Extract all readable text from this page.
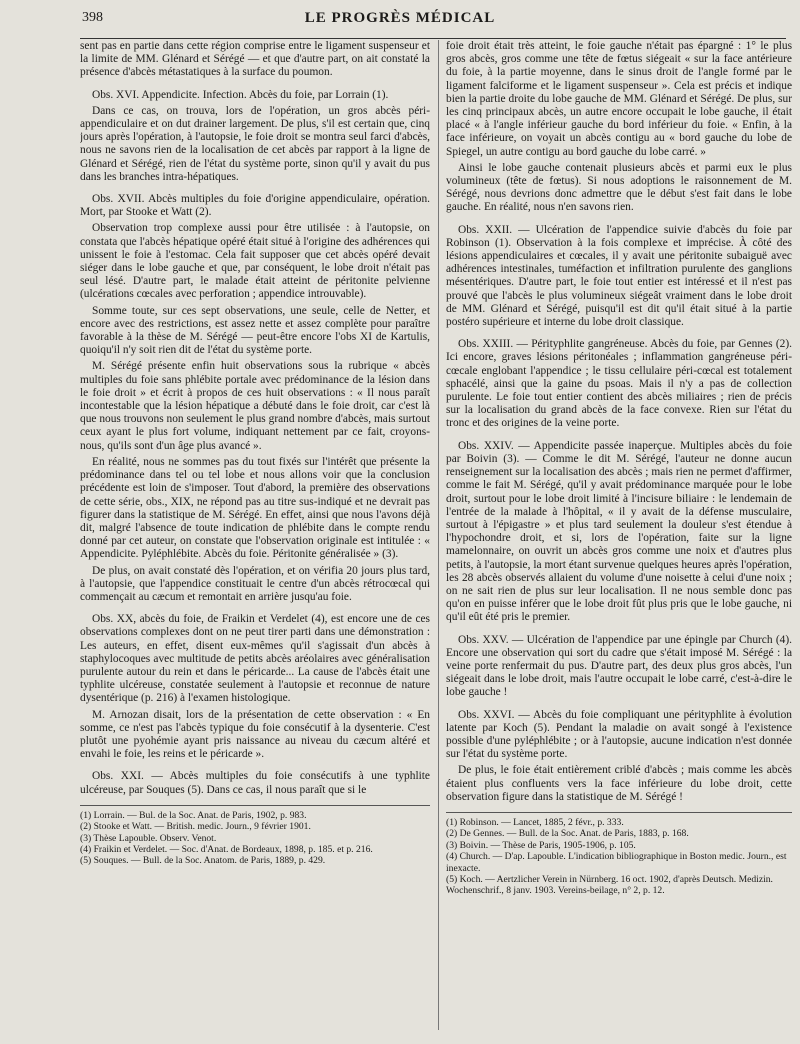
398	LE PROGRÈS MÉDICAL

sent pas en partie dans cette région comprise entre le ligament suspenseur et la limite de MM. Glénard et Sérégé — et que d'autre part, on ait constaté la présence d'abcès métastatiques à la surface du poumon.

Obs. XVI. Appendicite. Infection. Abcès du foie, par Lorrain (1).

Dans ce cas, on trouva, lors de l'opération, un gros abcès péri-appendiculaire et on dut drainer largement. De plus, s'il est certain que, cinq jours après l'opération, à l'autopsie, le foie droit se montra seul farci d'abcès, nous ne savons rien de la localisation de cet abcès par rapport à la ligne de Glénard et Sérégé, rien de l'état du système porte, sinon qu'il y avait du pus dans les branches intra-hépatiques.

Obs. XVII. Abcès multiples du foie d'origine appendiculaire, opération. Mort, par Stooke et Watt (2).

Observation trop complexe aussi pour être utilisée : à l'autopsie, on constata que l'abcès hépatique opéré était situé à l'origine des adhérences qui unissent le foie à l'estomac. Cela fait supposer que cet abcès opéré devait siéger dans le lobe gauche et que, par conséquent, le lobe droit n'était pas seul lésé. D'autre part, le malade était atteint de péritonite pelvienne (ulcérations cœcales avec perforation ; appendice introuvable).

Somme toute, sur ces sept observations, une seule, celle de Netter, et encore avec des restrictions, est assez nette et assez complète pour paraître favorable à la thèse de M. Sérégé — peut-être encore l'obs XI de Kartulis, quoiqu'il n'y soit rien dit de l'état du système porte.

M. Sérégé présente enfin huit observations sous la rubrique « abcès multiples du foie sans phlébite portale avec prédominance de la lésion dans le foie droit » et écrit à propos de ces huit observations : « Il nous paraît incontestable que la lésion hépatique a débuté dans le foie droit, car c'est là que nous trouvons non seulement le plus grand nombre d'abcès, mais surtout ceux ayant le plus fort volume, indiquant nettement par ce fait, croyons-nous, qu'ils sont d'un âge plus avancé ».

En réalité, nous ne sommes pas du tout fixés sur l'intérêt que présente la prédominance dans tel ou tel lobe et nous allons voir que la conclusion précédente est loin de s'imposer. Tout d'abord, la première des observations de cette série, obs., XIX, ne répond pas au titre sus-indiqué et ne devrait pas figurer dans la statistique de M. Sérégé. En effet, ainsi que nous l'avons déjà dit, malgré l'absence de toute indication de phlébite dans le compte rendu donné par cet auteur, on constate que l'observation originale est intitulée : « Appendicite. Pyléphlébite. Abcès du foie. Péritonite généralisée » (3).

De plus, on avait constaté dès l'opération, et on vérifia 20 jours plus tard, à l'autopsie, que l'appendice constituait le centre d'un abcès rétrocœcal qui commençait au cæcum et remontait en arrière jusqu'au foie.

Obs. XX, abcès du foie, de Fraikin et Verdelet (4), est encore une de ces observations complexes dont on ne peut tirer parti dans une démonstration : Les auteurs, en effet, disent eux-mêmes qu'il s'agissait d'un abcès à staphylocoques avec multitude de petits abcès aréolaires avec généralisation purulente autour du rein et dans le péricarde... La cause de l'abcès était une typhlite ulcéreuse, constatée seulement à l'autopsie et reconnue de nature dysentérique (p. 216) à l'examen histologique.

M. Arnozan disait, lors de la présentation de cette observation : « En somme, ce n'est pas l'abcès typique du foie consécutif à la dysenterie. C'est plutôt une pyohémie ayant pris naissance au niveau du cæcum altéré et envahi le foie, les reins et le péricarde ».

Obs. XXI. — Abcès multiples du foie consécutifs à une typhlite ulcéreuse, par Souques (5). Dans ce cas, il nous paraît que si le

(1) Lorrain. — Bul. de la Soc. Anat. de Paris, 1902, p. 983.
(2) Stooke et Watt. — British. medic. Journ., 9 février 1901.
(3) Thèse Lapouble. Observ. Venot.
(4) Fraikin et Verdelet. — Soc. d'Anat. de Bordeaux, 1898, p. 185. et p. 216.
(5) Souques. — Bull. de la Soc. Anatom. de Paris, 1889, p. 429.

foie droit était très atteint, le foie gauche n'était pas épargné : 1° le plus gros abcès, gros comme une tête de fœtus siégeait « sur la face antérieure du foie, à la partie moyenne, dans le sinus droit de l'angle formé par le ligament falciforme et le ligament suspenseur ». Cela est précis et indique bien la partie droite du lobe gauche de MM. Glénard et Sérégé. De plus, sur les cinq principaux abcès, un autre encore occupait le lobe gauche, il était placé « à l'angle inférieur gauche du bord inférieur du foie. « Enfin, à la face inférieure, on voyait un abcès contigu au « bord gauche du lobe de Spiegel, un autre contigu au bord gauche du lobe carré. »

Ainsi le lobe gauche contenait plusieurs abcès et parmi eux le plus volumineux (tête de fœtus). Si nous adoptions le raisonnement de M. Sérégé, nous devrions donc admettre que le début s'est fait dans le lobe gauche. En réalité, nous n'en savons rien.

Obs. XXII. — Ulcération de l'appendice suivie d'abcès du foie par Robinson (1). Observation à la fois complexe et imprécise. À côté des lésions appendiculaires et cœcales, il y avait une péritonite subaiguë avec adhérences intestinales, tuméfaction et infiltration purulente des ganglions mésentériques. D'autre part, le foie tout entier est intéressé et il n'est pas prouvé que l'abcès le plus volumineux siégeât vraiment dans le lobe droit de MM. Glénard et Sérégé, puisqu'il est dit qu'il était situé à la partie postéro supérieure et interne du lobe droit classique.

Obs. XXIII. — Pérityphlite gangréneuse. Abcès du foie, par Gennes (2). Ici encore, graves lésions péritonéales ; inflammation gangréneuse péri-cœcale englobant l'appendice ; le tissu cellulaire péri-cœcal est totalement sphacélé, ainsi que la gaine du psoas. Mais il n'y a pas de collection purulente. Le foie tout entier contient des abcès miliaires ; rien de précis sur la localisation du grand abcès de la face convexe. Rien sur l'état du tronc et des origines de la veine porte.

Obs. XXIV. — Appendicite passée inaperçue. Multiples abcès du foie par Boivin (3). — Comme le dit M. Sérégé, l'auteur ne donne aucun renseignement sur la localisation des abcès ; mais rien ne permet d'affirmer, comme le fait M. Sérégé, qu'il y avait prédominance marquée pour le lobe droit, surtout pour le lobe droit limité à l'incisure biliaire : le lendemain de l'entrée de la malade à l'hôpital, « il y avait de la défense musculaire, surtout à l'épigastre » et plus tard seulement la douleur s'est étendue à l'hypochondre droit, et si, lors de l'opération, faite sur la ligne mamelonnaire, on ouvrit un abcès gros comme une noix et d'autres plus petits, à l'autopsie, la mort étant survenue quelques heures après l'opération, les 28 abcès observés allaient du volume d'une noisette à celui d'une noix ; on ne sait rien de plus sur leur localisation. Il ne nous semble donc pas qu'on en puisse inférer que le lobe droit fût plus pris que le lobe gauche, ni qu'il eût été pris le premier.

Obs. XXV. — Ulcération de l'appendice par une épingle par Church (4). Encore une observation qui sort du cadre que s'était imposé M. Sérégé : la veine porte renfermait du pus. D'autre part, des deux plus gros abcès, l'un siégeait dans le lobe droit, mais l'autre occupait le lobe carré, c'est-à-dire le lobe gauche !

Obs. XXVI. — Abcès du foie compliquant une pérityphlite à évolution latente par Koch (5). Pendant la maladie on avait songé à l'existence possible d'une pyléphlébite ; or à l'autopsie, aucune indication n'est donnée sur l'état du système porte.

De plus, le foie était entièrement criblé d'abcès ; mais comme les abcès étaient plus confluents vers la face inférieure du lobe droit, cette observation figure dans la statistique de M. Sérégé !

(1) Robinson. — Lancet, 1885, 2 févr., p. 333.
(2) De Gennes. — Bull. de la Soc. Anat. de Paris, 1883, p. 168.
(3) Boivin. — Thèse de Paris, 1905-1906, p. 105.
(4) Church. — D'ap. Lapouble. L'indication bibliographique in Boston medic. Journ., est inexacte.
(5) Koch. — Aertzlicher Verein in Nürnberg. 16 oct. 1902, d'après Deutsch. Medizin. Wochenschrif., 8 janv. 1903. Vereins-beilage, n° 2, p. 12.
